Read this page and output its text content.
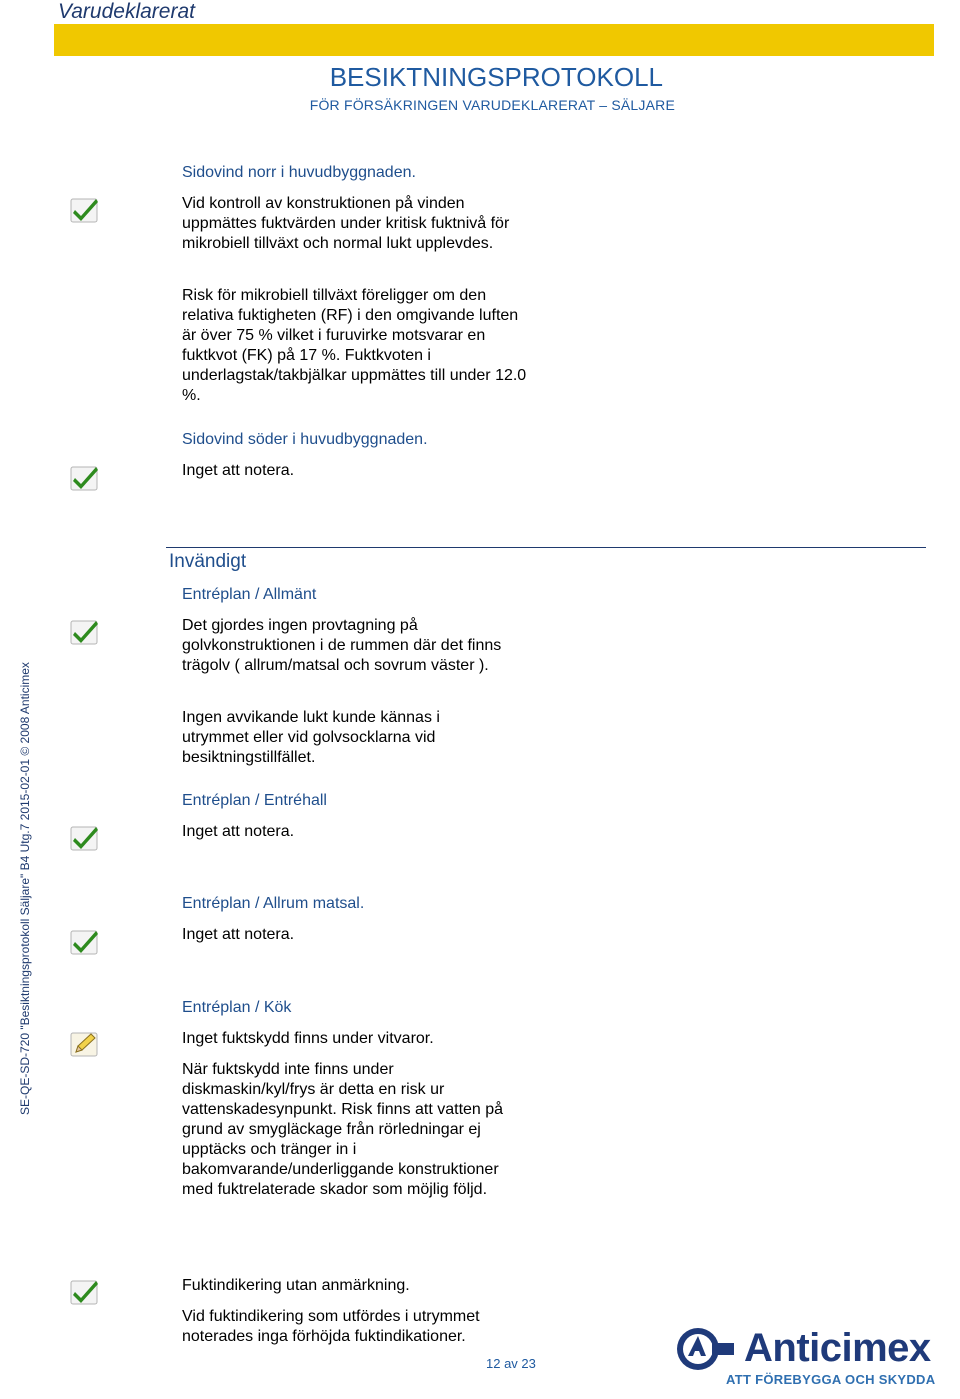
Varudeklarerat
BESIKTNINGSPROTOKOLL
FÖR FÖRSÄKRINGEN VARUDEKLARERAT – SÄLJARE
SE-QE-SD-720 "Besiktningsprotokoll Säljare" B4 Utg.7 2015-02-01 © 2008 Anticimex
Invändigt

Sidovind norr i huvudbyggnaden.

Vid kontroll av konstruktionen på vinden uppmättes fuktvärden under kritisk fuktnivå för mikrobiell tillväxt och normal lukt upplevdes.

Risk för mikrobiell tillväxt föreligger om den relativa fuktigheten (RF) i den omgivande luften är över 75 % vilket i furuvirke motsvarar en fuktkvot (FK) på 17 %. Fuktkvoten i underlagstak/takbjälkar uppmättes till under 12.0 %.

Sidovind söder i huvudbyggnaden.

Inget att notera.

Entréplan / Allmänt

Det gjordes ingen provtagning på golvkonstruktionen i de rummen där det finns trägolv ( allrum/matsal och sovrum väster ).

Ingen avvikande lukt kunde kännas i utrymmet eller vid golvsocklarna vid besiktningstillfället.

Entréplan / Entréhall

Inget att notera.

Entréplan / Allrum matsal.

Inget att notera.

Entréplan / Kök

Inget fuktskydd finns under vitvaror.

När fuktskydd inte finns under diskmaskin/kyl/frys är detta en risk ur vattenskadesynpunkt. Risk finns att vatten på grund av smygläckage från rörledningar ej upptäcks och tränger in i bakomvarande/underliggande konstruktioner med fuktrelaterade skador som möjlig följd.

Fuktindikering utan anmärkning.

Vid fuktindikering som utfördes i utrymmet noterades inga förhöjda fuktindikationer.

12 av 23	Anticimex
ATT FÖREBYGGA OCH SKYDDA
